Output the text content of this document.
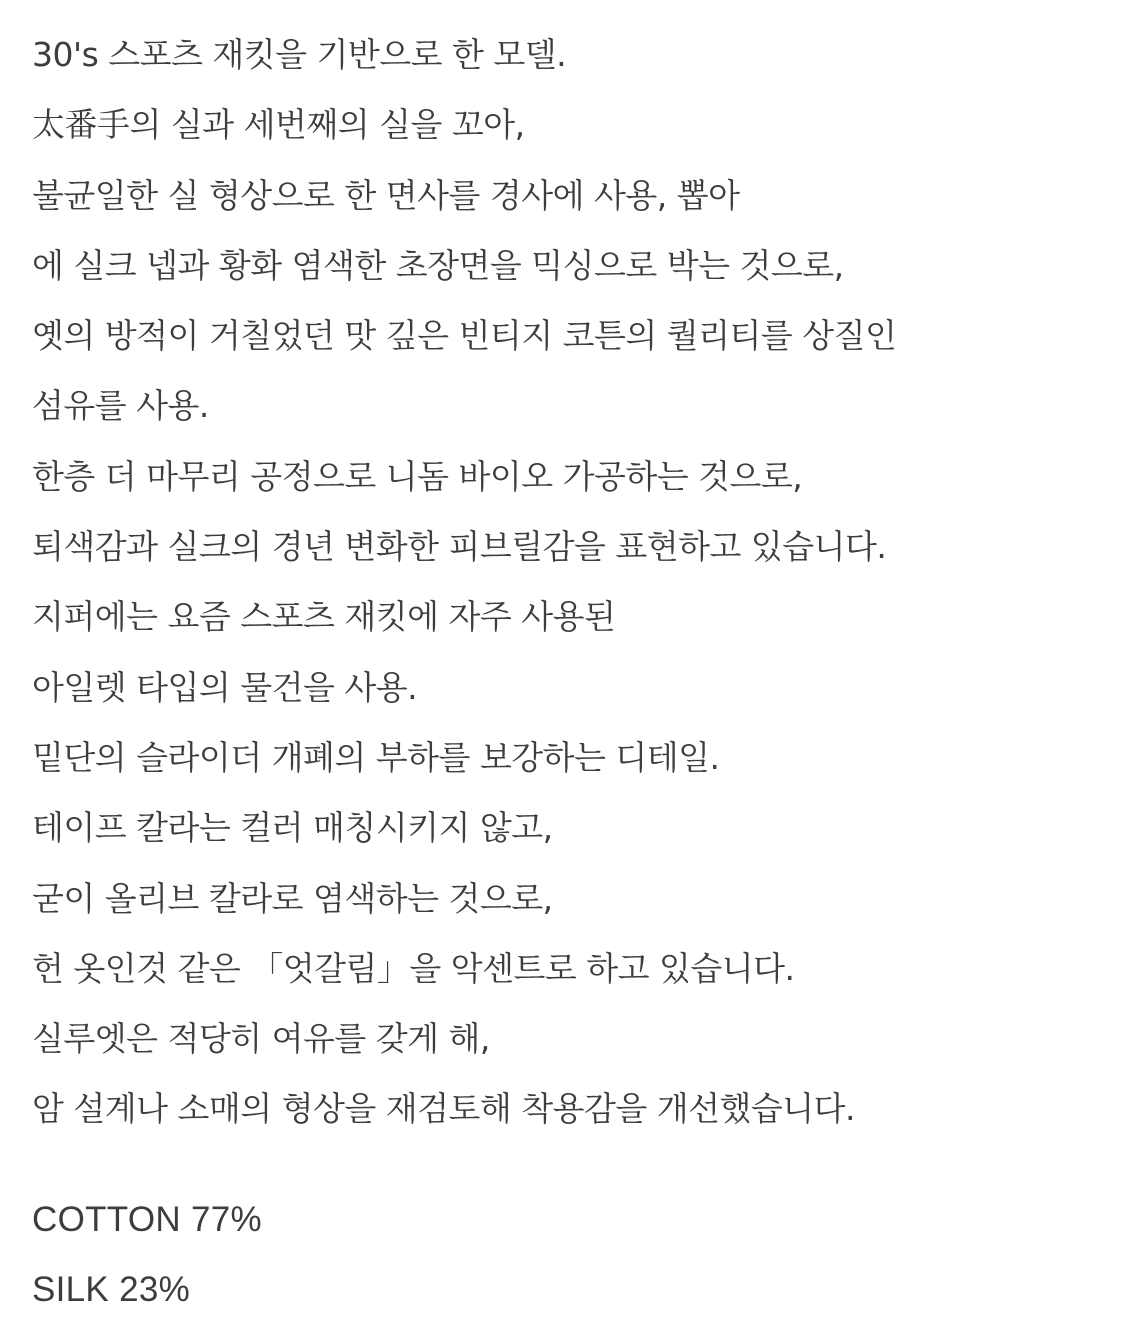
30's 스포츠 재킷을 기반으로 한 모델.
太番手의 실과 세번째의 실을 꼬아,
불균일한 실 형상으로 한 면사를 경사에 사용, 뽑아
에 실크 넵과 황화 염색한 초장면을 믹싱으로 박는 것으로,
옛의 방적이 거칠었던 맛 깊은 빈티지 코튼의 퀄리티를 상질인
섬유를 사용.
한층 더 마무리 공정으로 니돔 바이오 가공하는 것으로,
퇴색감과 실크의 경년 변화한 피브릴감을 표현하고 있습니다.
지퍼에는 요즘 스포츠 재킷에 자주 사용된
아일렛 타입의 물건을 사용.
밑단의 슬라이더 개폐의 부하를 보강하는 디테일.
테이프 칼라는 컬러 매칭시키지 않고,
굳이 올리브 칼라로 염색하는 것으로,
헌 옷인것 같은 「엇갈림」을 악센트로 하고 있습니다.
실루엣은 적당히 여유를 갖게 해,
암 설계나 소매의 형상을 재검토해 착용감을 개선했습니다.
COTTON 77%
SILK 23%
